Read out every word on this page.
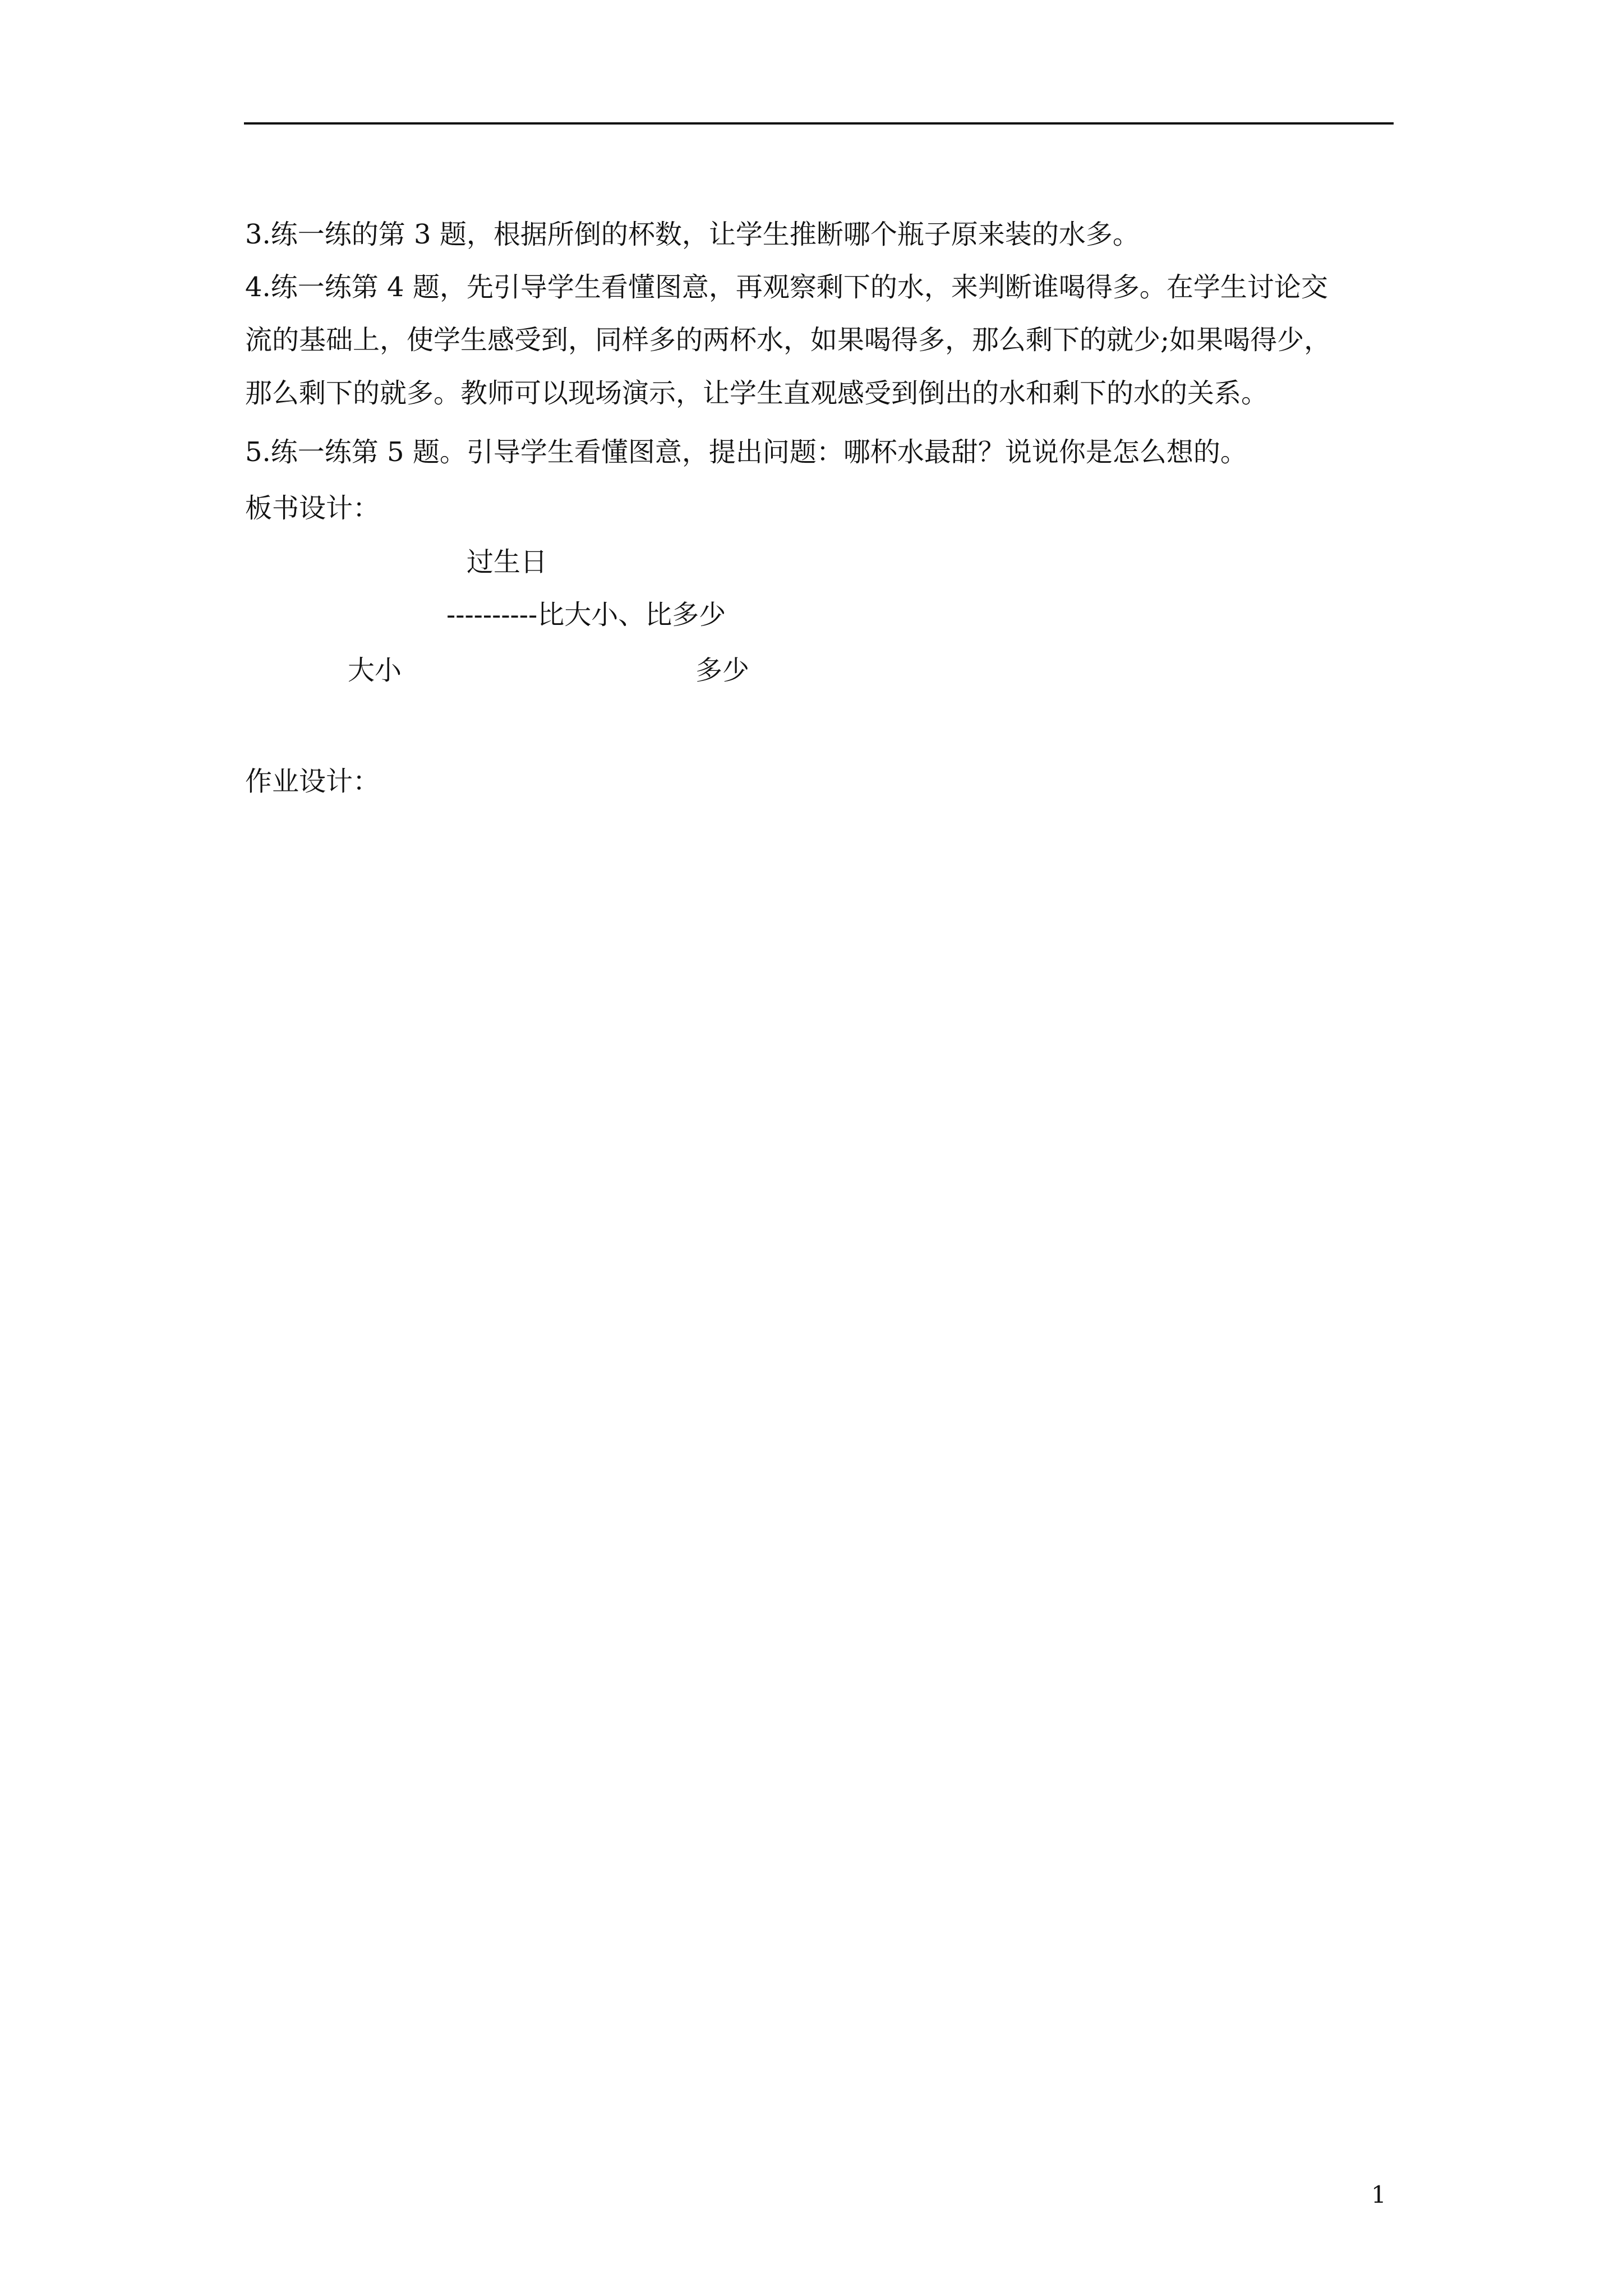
3.练一练的第 3 题，根据所倒的杯数，让学生推断哪个瓶子原来装的水多。
4.练一练第 4 题，先引导学生看懂图意，再观察剩下的水，来判断谁喝得多。在学生讨论交
流的基础上，使学生感受到，同样多的两杯水，如果喝得多，那么剩下的就少;如果喝得少，
那么剩下的就多。教师可以现场演示，让学生直观感受到倒出的水和剩下的水的关系。
5.练一练第 5 题。引导学生看懂图意，提出问题：哪杯水最甜？说说你是怎么想的。
板书设计：
过生日
----------比大小、比多少
大小	多少
作业设计：
1
